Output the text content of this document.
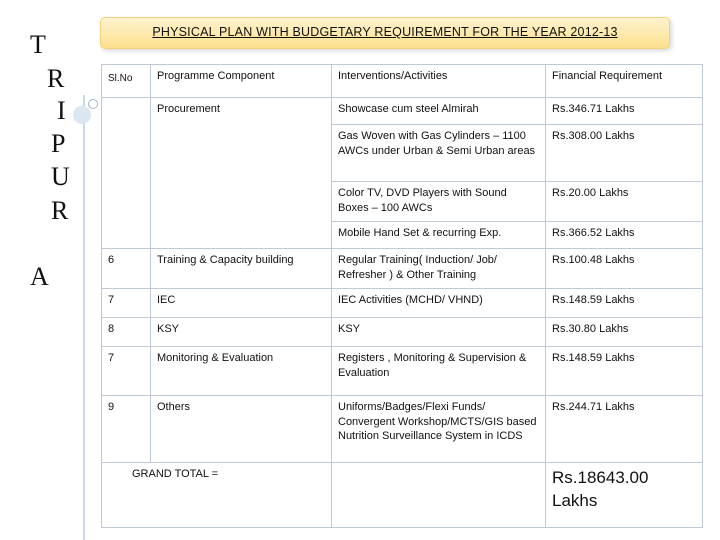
T
R
I
P
U
R
A
PHYSICAL PLAN WITH BUDGETARY REQUIREMENT FOR THE YEAR 2012-13
Sl.No	Programme Component	Interventions/Activities	Financial Requirement
	Procurement	Showcase cum steel Almirah	Rs.346.71 Lakhs
		Gas Woven with Gas Cylinders – 1100 AWCs under Urban & Semi Urban areas	Rs.308.00 Lakhs
		Color TV, DVD Players with Sound Boxes – 100 AWCs	Rs.20.00 Lakhs
		Mobile Hand Set & recurring Exp.	Rs.366.52 Lakhs
6	Training & Capacity building	Regular Training( Induction/ Job/ Refresher ) & Other Training	Rs.100.48 Lakhs
7	IEC	IEC Activities (MCHD/ VHND)	Rs.148.59 Lakhs
8	KSY	KSY	Rs.30.80 Lakhs
7	Monitoring & Evaluation	Registers , Monitoring & Supervision & Evaluation	Rs.148.59 Lakhs
9	Others	Uniforms/Badges/Flexi Funds/ Convergent Workshop/MCTS/GIS based Nutrition Surveillance System in ICDS	Rs.244.71 Lakhs
GRAND TOTAL =			Rs.18643.00 Lakhs
